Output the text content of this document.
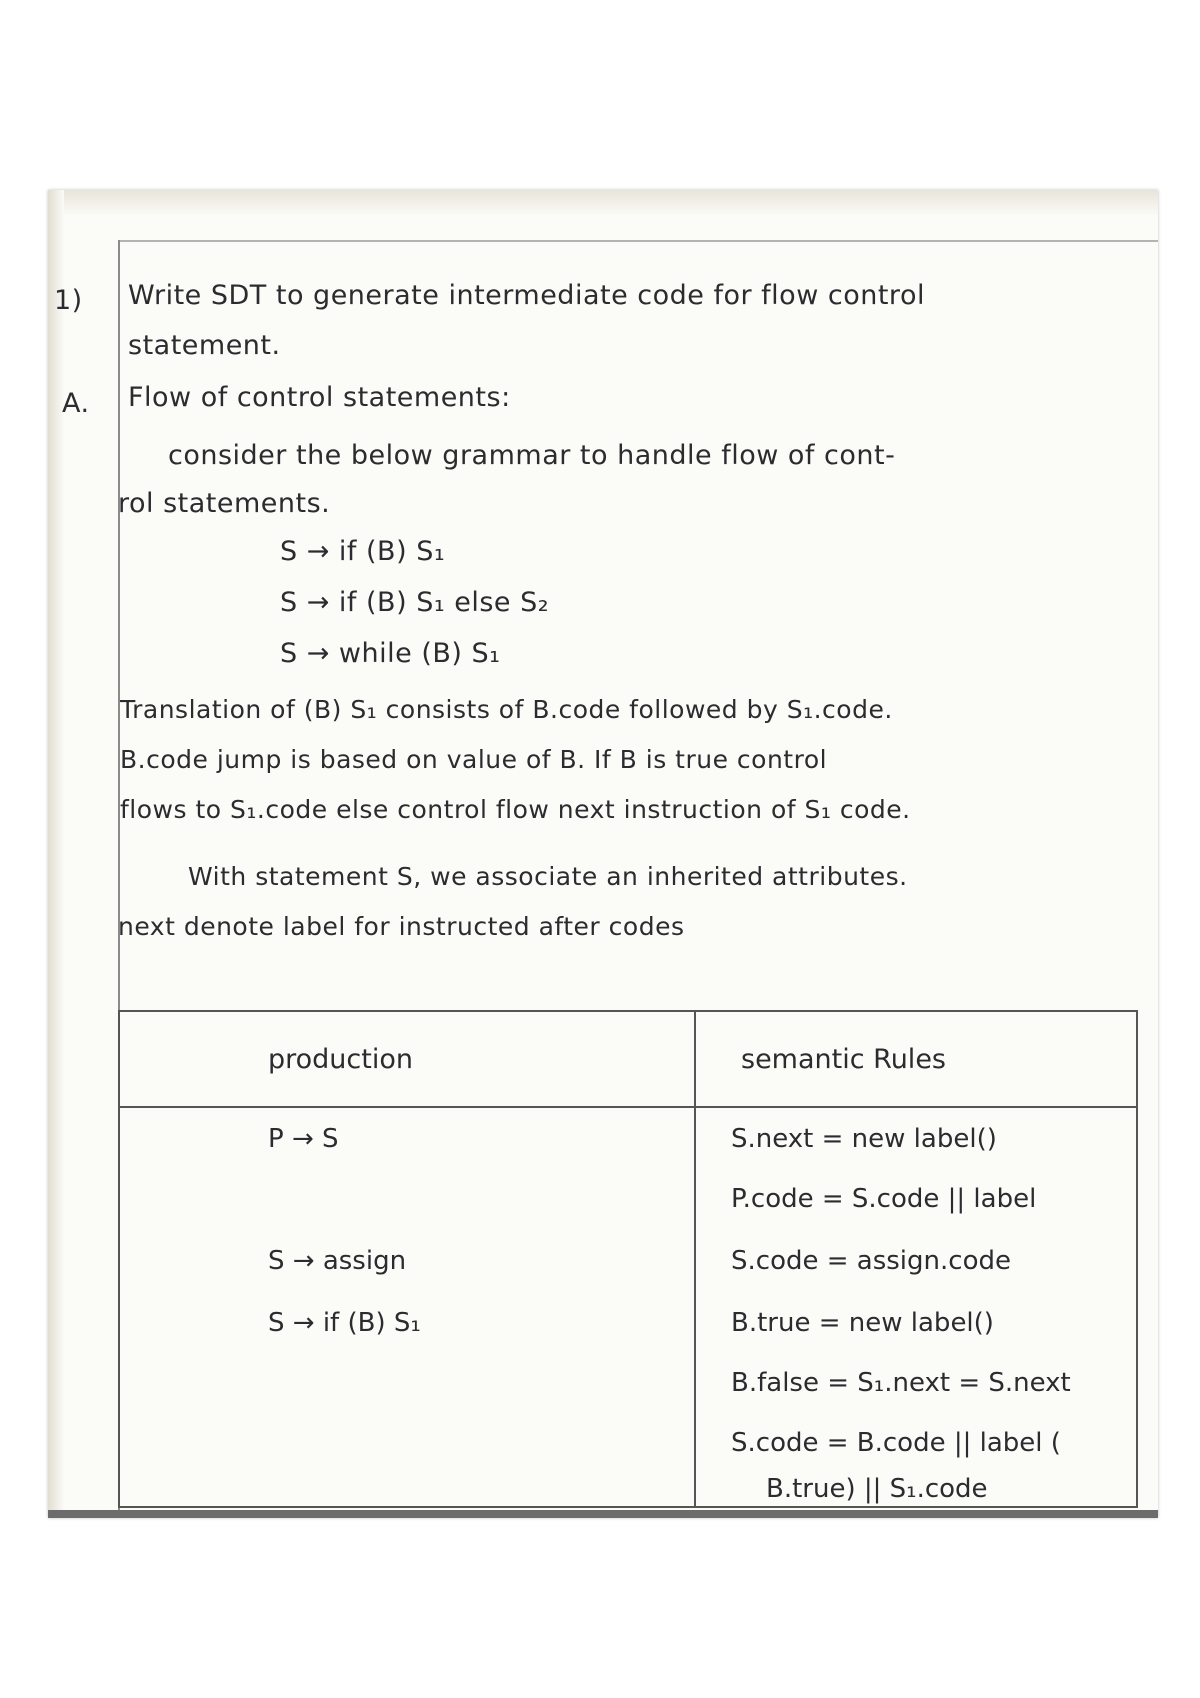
1) Write SDT to generate intermediate code for flow control
statement.
A. Flow of control statements:
consider the below grammar to handle flow of cont-
rol statements.
S → if (B) S₁
S → if (B) S₁ else S₂
S → while (B) S₁
Translation of (B) S₁ consists of B.code followed by S₁.code.
B.code jump is based on value of B. If B is true control
flows to S₁.code else control flow next instruction of S₁ code.
With statement S, we associate an inherited attributes.
next denote label for instructed after codes
production	semantic Rules

P → S	S.next = new label()
P.code = S.code || label

S → assign	S.code = assign.code

S → if (B) S₁	B.true = new label()
B.false = S₁.next = S.next
S.code = B.code || label (
B.true) || S₁.code
